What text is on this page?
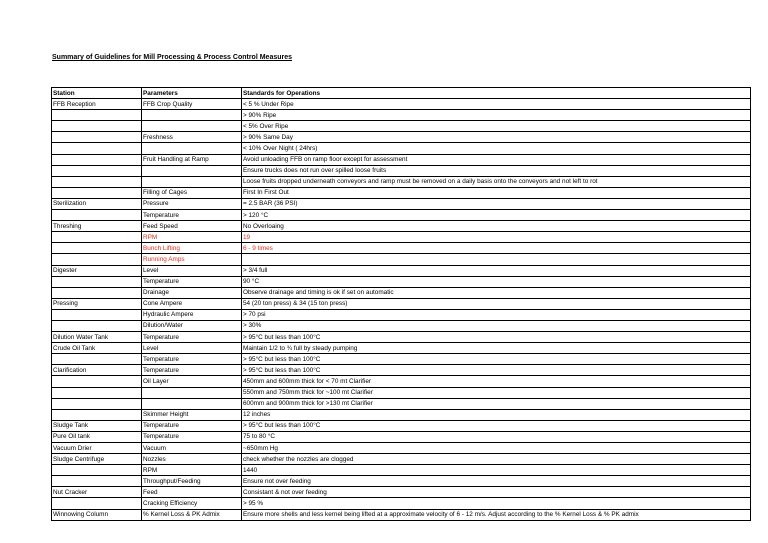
Summary of Guidelines for Mill Processing & Process Control Measures
Station	Parameters	Standards for Operations
FFB Reception	FFB Crop Quality	< 5 % Under Ripe
		> 90% Ripe
		< 5% Over Ripe
	Freshness	> 90% Same Day
		< 10% Over Night ( 24hrs)
	Fruit Handling at Ramp	Avoid unloading FFB on ramp floor except for assessment
		Ensure trucks does not run over spilled loose fruits
		Loose fruits dropped underneath conveyors and ramp must be removed on a daily basis onto the conveyors and not left to rot
	Filling of Cages	First In First Out
Sterilization	Pressure	= 2.5 BAR (36 PSI)
	Temperature	> 120 °C
Threshing	Feed Speed	No Overloaing
	RPM	19
	Bunch Lifting	6 - 9 times
	Running Amps	
Digester	Level	> 3/4 full
	Temperature	90 °C
	Drainage	Observe drainage and timing is ok if set on automatic
Pressing	Cone Ampere	54 (20 ton press) & 34 (15 ton press)
	Hydraulic Ampere	> 70 psi
	Dilution/Water	> 30%
Dilution Water Tank	Temperature	> 95°C but less than 100°C
Crude Oil Tank	Level	Maintain 1/2 to ¾ full by steady pumping
	Temperature	> 95°C but less than 100°C
Clarification	Temperature	> 95°C but less than 100°C
	Oil Layer	450mm and 600mm thick for < 70 mt Clarifier
		550mm and 750mm thick for ~100 mt Clarifier
		600mm and 900mm thick for >130 mt Clarifier
	Skimmer Height	12 inches
Sludge Tank	Temperature	> 95°C but less than 100°C
Pure Oil tank	Temperature	75 to 80 °C
Vacuum Drier	Vacuum	~650mm Hg
Sludge Centrifuge	Nozzles	check whether the nozzles are clogged
	RPM	1440
	Throughput/Feeding	Ensure not over feeding
Nut Cracker	Feed	Consistant & not over feeding
	Cracking Efficiency	> 95 %
Winnowing Column	% Kernel Loss & PK Admix	Ensure more shells and less kernel being lifted at a approximate velocity of 6 - 12 m/s. Adjust according to the % Kernel Loss & % PK admix
